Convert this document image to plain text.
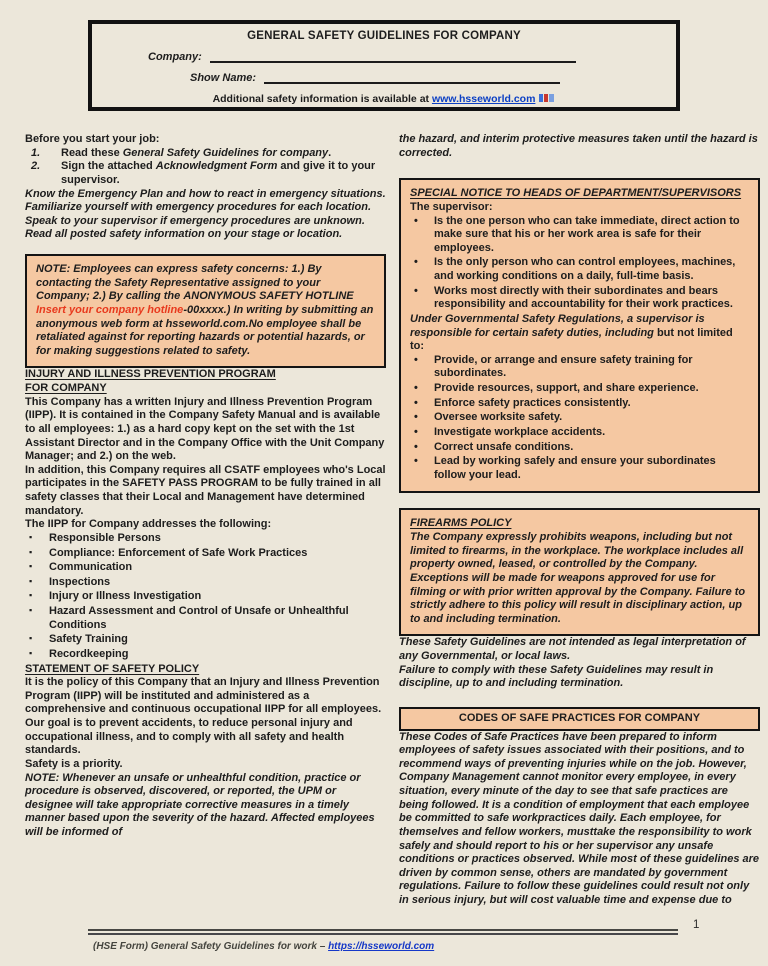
GENERAL SAFETY GUIDELINES FOR COMPANY
Company:
Show Name:
Additional safety information is available at www.hsseworld.com

Before you start your job:

1.	Read these General Safety Guidelines for company.
2.	Sign the attached Acknowledgment Form and give it to your supervisor.

Know the Emergency Plan and how to react in emergency situations. Familiarize yourself with emergency procedures for each location. Speak to your supervisor if emergency procedures are unknown.

Read all posted safety information on your stage or location.

NOTE: Employees can express safety concerns: 1.) By contacting the Safety Representative assigned to your Company; 2.) By calling the ANONYMOUS SAFETY HOTLINE Insert your company hotline-00xxxx.) In writing by submitting an anonymous web form at hsseworld.com.No employee shall be retaliated against for reporting hazards or potential hazards, or for making suggestions related to safety.

INJURY AND ILLNESS PREVENTION PROGRAM
FOR COMPANY

This Company has a written Injury and Illness Prevention Program (IIPP). It is contained in the Company Safety Manual and is available to all employees: 1.) as a hard copy kept on the set with the 1st Assistant Director and in the Company Office with the Unit Company Manager; and 2.) on the web.

In addition, this Company requires all CSATF employees who's Local participates in the SAFETY PASS PROGRAM to be fully trained in all safety classes that their Local and Management have determined mandatory.

The IIPP for Company addresses the following:

▪ Responsible Persons
▪ Compliance: Enforcement of Safe Work Practices
▪ Communication
▪ Inspections
▪ Injury or Illness Investigation
▪ Hazard Assessment and Control of Unsafe or Unhealthful Conditions
▪ Safety Training
▪ Recordkeeping

STATEMENT OF SAFETY POLICY

It is the policy of this Company that an Injury and Illness Prevention Program (IIPP) will be instituted and administered as a comprehensive and continuous occupational IIPP for all employees. Our goal is to prevent accidents, to reduce personal injury and occupational illness, and to comply with all safety and health standards.

Safety is a priority.

NOTE: Whenever an unsafe or unhealthful condition, practice or procedure is observed, discovered, or reported, the UPM or designee will take appropriate corrective measures in a timely manner based upon the severity of the hazard. Affected employees will be informed of

the hazard, and interim protective measures taken until the hazard is corrected.

SPECIAL NOTICE TO HEADS OF DEPARTMENT/SUPERVISORS

The supervisor:

• Is the one person who can take immediate, direct action to make sure that his or her work area is safe for their employees.
• Is the only person who can control employees, machines, and working conditions on a daily, full-time basis.
• Works most directly with their subordinates and bears responsibility and accountability for their work practices.

Under Governmental Safety Regulations, a supervisor is responsible for certain safety duties, including but not limited to:

• Provide, or arrange and ensure safety training for subordinates.
• Provide resources, support, and share experience.
• Enforce safety practices consistently.
• Oversee worksite safety.
• Investigate workplace accidents.
• Correct unsafe conditions.
• Lead by working safely and ensure your subordinates follow your lead.

FIREARMS POLICY

The Company expressly prohibits weapons, including but not limited to firearms, in the workplace. The workplace includes all property owned, leased, or controlled by the Company. Exceptions will be made for weapons approved for use for filming or with prior written approval by the Company. Failure to strictly adhere to this policy will result in disciplinary action, up to and including termination.

These Safety Guidelines are not intended as legal interpretation of any Governmental, or local laws.

Failure to comply with these Safety Guidelines may result in discipline, up to and including termination.

CODES OF SAFE PRACTICES FOR COMPANY

These Codes of Safe Practices have been prepared to inform employees of safety issues associated with their positions, and to recommend ways of preventing injuries while on the job. However, Company Management cannot monitor every employee, in every situation, every minute of the day to see that safe practices are being followed. It is a condition of employment that each employee be committed to safe workpractices daily. Each employee, for themselves and fellow workers, musttake the responsibility to work safely and should report to his or her supervisor any unsafe conditions or practices observed. While most of these guidelines are driven by common sense, others are mandated by government regulations. Failure to follow these guidelines could result not only in serious injury, but will cost valuable time and expense due to

1
(HSE Form) General Safety Guidelines for work – https://hsseworld.com
